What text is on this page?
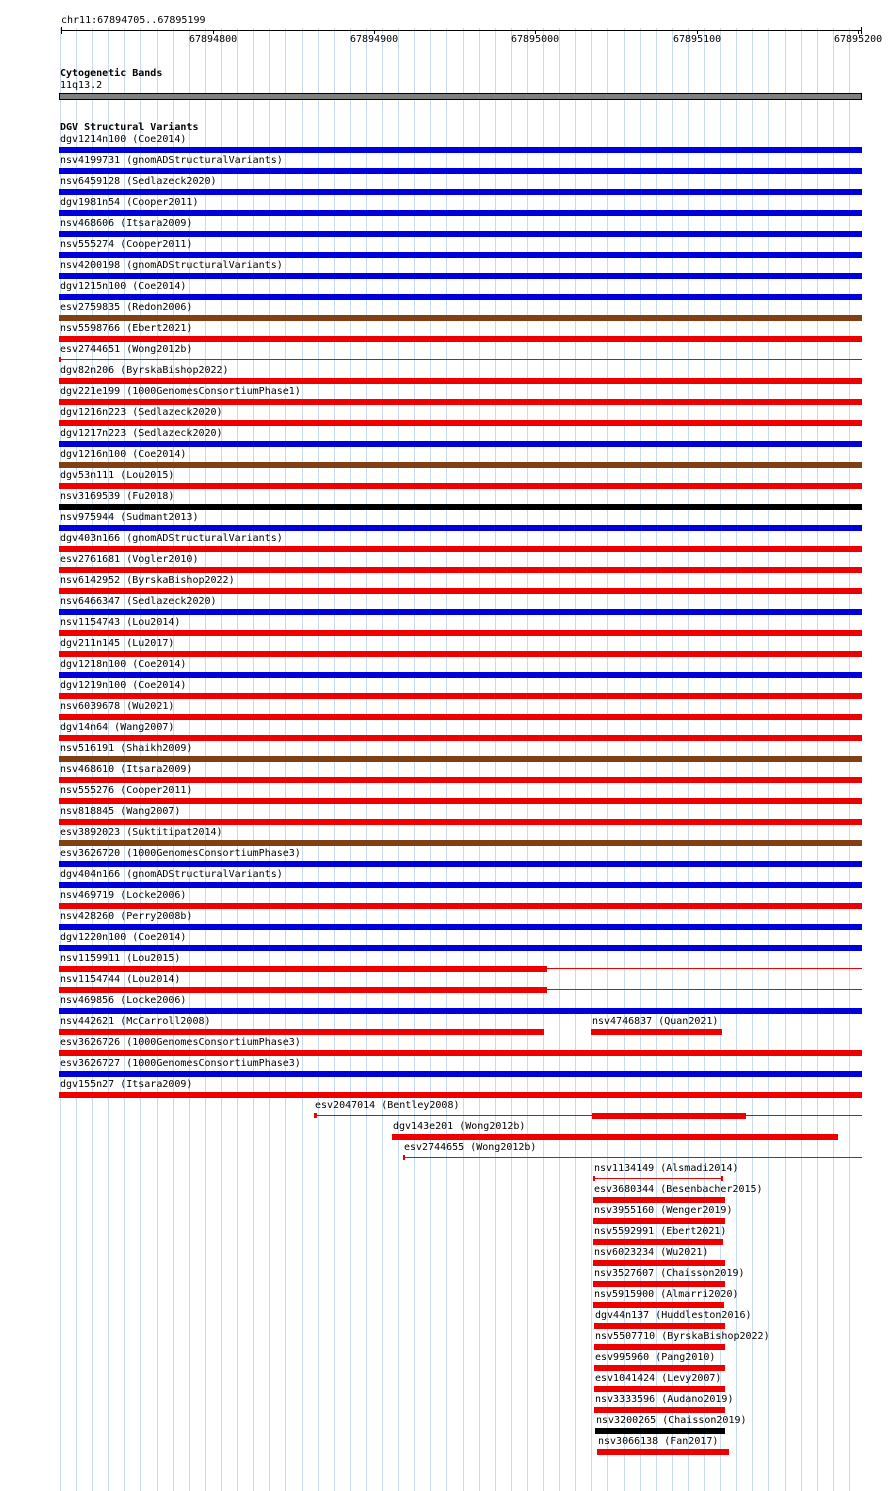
chr11:67894705..67895199
67894800	67894900	67895000	67895100	67895200
Cytogenetic Bands
11q13.2
DGV Structural Variants
dgv1214n100 (Coe2014)
nsv4199731 (gnomADStructuralVariants)
nsv6459128 (Sedlazeck2020)
dgv1981n54 (Cooper2011)
nsv468606 (Itsara2009)
nsv555274 (Cooper2011)
nsv4200198 (gnomADStructuralVariants)
dgv1215n100 (Coe2014)
esv2759835 (Redon2006)
nsv5598766 (Ebert2021)
esv2744651 (Wong2012b)
dgv82n206 (ByrskaBishop2022)
dgv221e199 (1000GenomesConsortiumPhase1)
dgv1216n223 (Sedlazeck2020)
dgv1217n223 (Sedlazeck2020)
dgv1216n100 (Coe2014)
dgv53n111 (Lou2015)
nsv3169539 (Fu2018)
nsv975944 (Sudmant2013)
dgv403n166 (gnomADStructuralVariants)
esv2761681 (Vogler2010)
nsv6142952 (ByrskaBishop2022)
nsv6466347 (Sedlazeck2020)
nsv1154743 (Lou2014)
dgv211n145 (Lu2017)
dgv1218n100 (Coe2014)
dgv1219n100 (Coe2014)
nsv6039678 (Wu2021)
dgv14n64 (Wang2007)
nsv516191 (Shaikh2009)
nsv468610 (Itsara2009)
nsv555276 (Cooper2011)
nsv818845 (Wang2007)
esv3892023 (Suktitipat2014)
esv3626720 (1000GenomesConsortiumPhase3)
dgv404n166 (gnomADStructuralVariants)
nsv469719 (Locke2006)
nsv428260 (Perry2008b)
dgv1220n100 (Coe2014)
nsv1159911 (Lou2015)
nsv1154744 (Lou2014)
nsv469856 (Locke2006)
nsv442621 (McCarroll2008)
esv3626726 (1000GenomesConsortiumPhase3)
esv3626727 (1000GenomesConsortiumPhase3)
dgv155n27 (Itsara2009)
nsv4746837 (Quan2021)
esv2047014 (Bentley2008)
dgv143e201 (Wong2012b)
esv2744655 (Wong2012b)
nsv1134149 (Alsmadi2014)
esv3680344 (Besenbacher2015)
nsv3955160 (Wenger2019)
nsv5592991 (Ebert2021)
nsv6023234 (Wu2021)
nsv3527607 (Chaisson2019)
nsv5915900 (Almarri2020)
dgv44n137 (Huddleston2016)
nsv5507710 (ByrskaBishop2022)
esv995960 (Pang2010)
esv1041424 (Levy2007)
nsv3333596 (Audano2019)
nsv3200265 (Chaisson2019)
nsv3066138 (Fan2017)
